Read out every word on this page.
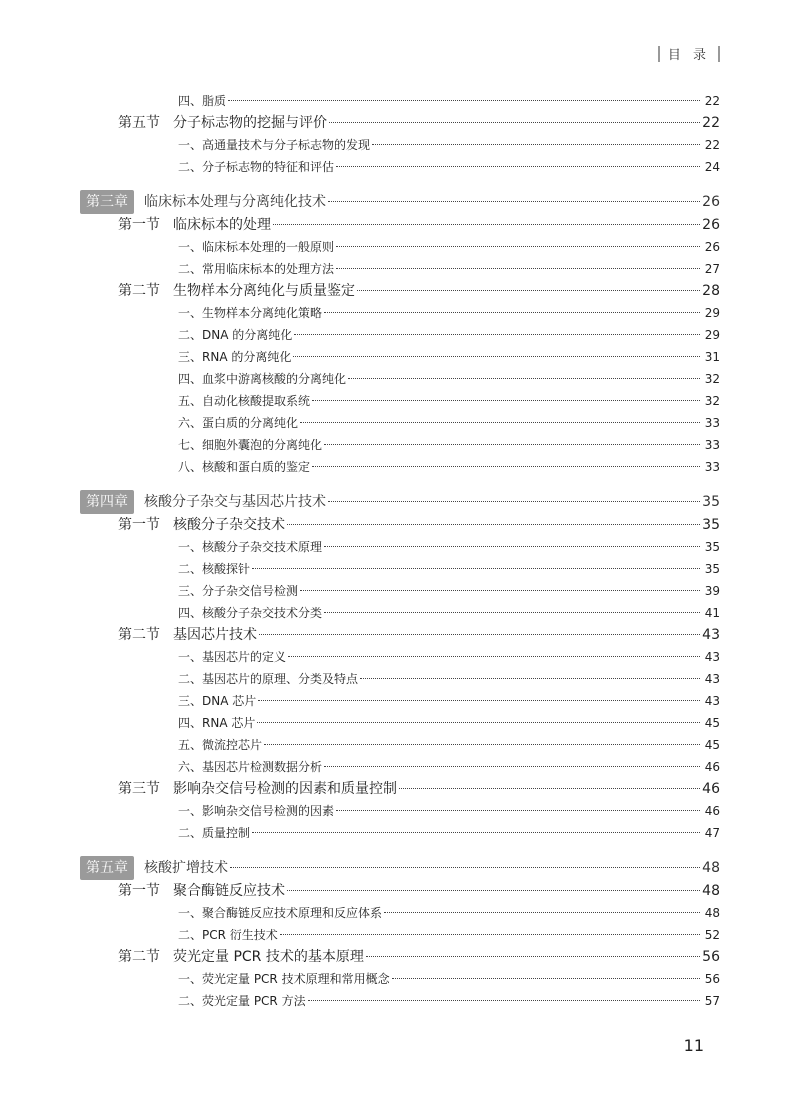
目 录
四、脂质	22
第五节 分子标志物的挖掘与评价	22
一、高通量技术与分子标志物的发现	22
二、分子标志物的特征和评估	24
第三章 临床标本处理与分离纯化技术	26
第一节 临床标本的处理	26
一、临床标本处理的一般原则	26
二、常用临床标本的处理方法	27
第二节 生物样本分离纯化与质量鉴定	28
一、生物样本分离纯化策略	29
二、DNA 的分离纯化	29
三、RNA 的分离纯化	31
四、血浆中游离核酸的分离纯化	32
五、自动化核酸提取系统	32
六、蛋白质的分离纯化	33
七、细胞外囊泡的分离纯化	33
八、核酸和蛋白质的鉴定	33
第四章 核酸分子杂交与基因芯片技术	35
第一节 核酸分子杂交技术	35
一、核酸分子杂交技术原理	35
二、核酸探针	35
三、分子杂交信号检测	39
四、核酸分子杂交技术分类	41
第二节 基因芯片技术	43
一、基因芯片的定义	43
二、基因芯片的原理、分类及特点	43
三、DNA 芯片	43
四、RNA 芯片	45
五、微流控芯片	45
六、基因芯片检测数据分析	46
第三节 影响杂交信号检测的因素和质量控制	46
一、影响杂交信号检测的因素	46
二、质量控制	47
第五章 核酸扩增技术	48
第一节 聚合酶链反应技术	48
一、聚合酶链反应技术原理和反应体系	48
二、PCR 衍生技术	52
第二节 荧光定量 PCR 技术的基本原理	56
一、荧光定量 PCR 技术原理和常用概念	56
二、荧光定量 PCR 方法	57
11
